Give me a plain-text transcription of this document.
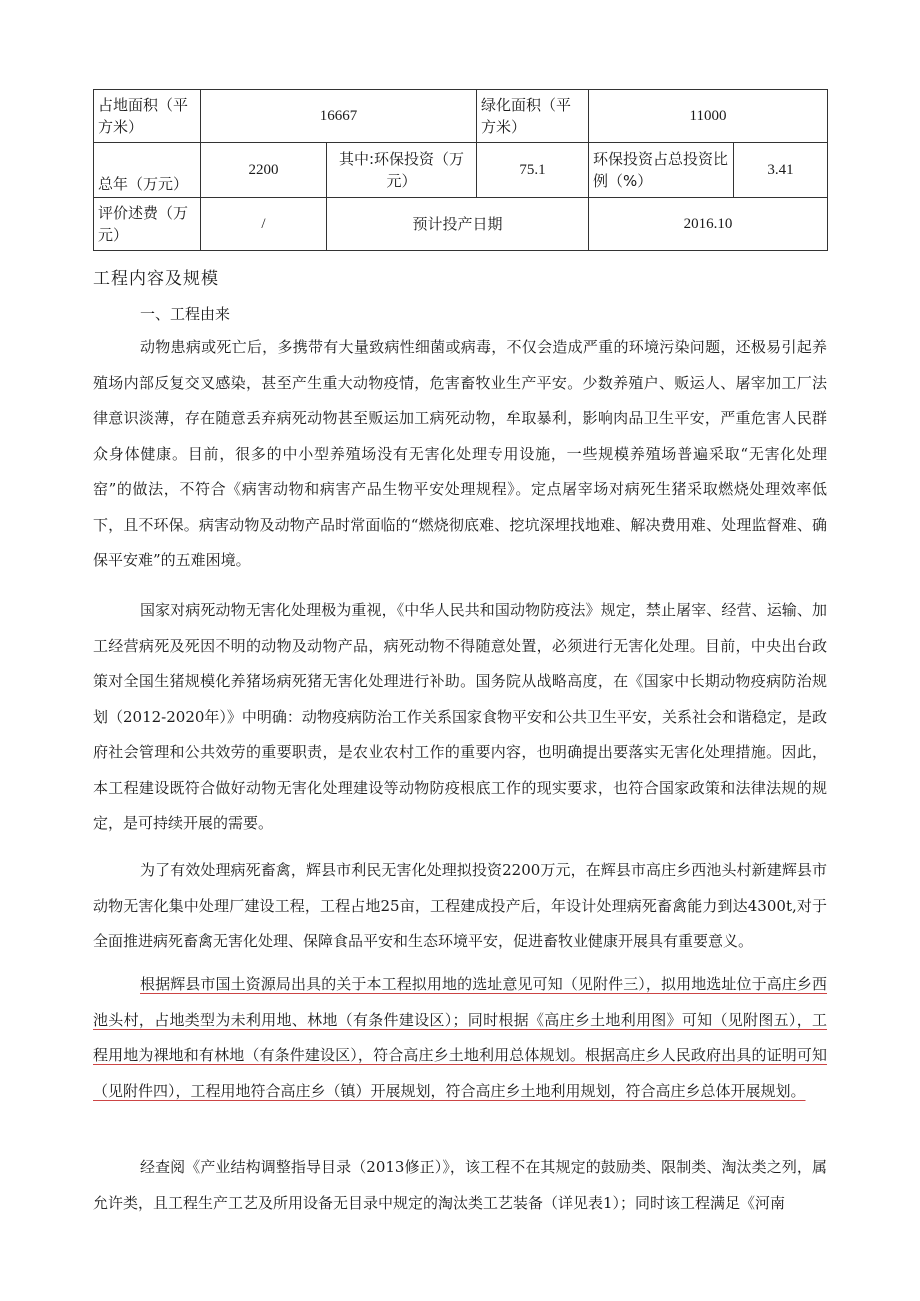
占地面积（平方米）	16667		绿化面积（平方米）	11000	
总年（万元）	2200	其中:环保投资（万元）	75.1	环保投资占总投资比例（%）	3.41
评价述费（万元）	/	预计投产日期		2016.10	
工程内容及规模
一、工程由来

动物患病或死亡后，多携带有大量致病性细菌或病毒，不仅会造成严重的环境污染问题，还极易引起养殖场内部反复交叉感染，甚至产生重大动物疫情，危害畜牧业生产平安。少数养殖户、贩运人、屠宰加工厂法律意识淡薄，存在随意丢弃病死动物甚至贩运加工病死动物，牟取暴利，影响肉品卫生平安，严重危害人民群众身体健康。目前，很多的中小型养殖场没有无害化处理专用设施，一些规模养殖场普遍采取“无害化处理窑”的做法，不符合《病害动物和病害产品生物平安处理规程》。定点屠宰场对病死生猪采取燃烧处理效率低下，且不环保。病害动物及动物产品时常面临的“燃烧彻底难、挖坑深埋找地难、解决费用难、处理监督难、确保平安难”的五难困境。

国家对病死动物无害化处理极为重视，《中华人民共和国动物防疫法》规定，禁止屠宰、经营、运输、加工经营病死及死因不明的动物及动物产品，病死动物不得随意处置，必须进行无害化处理。目前，中央出台政策对全国生猪规模化养猪场病死猪无害化处理进行补助。国务院从战略高度，在《国家中长期动物疫病防治规划（2012-2020年）》中明确：动物疫病防治工作关系国家食物平安和公共卫生平安，关系社会和谐稳定，是政府社会管理和公共效劳的重要职责，是农业农村工作的重要内容，也明确提出要落实无害化处理措施。因此，本工程建设既符合做好动物无害化处理建设等动物防疫根底工作的现实要求，也符合国家政策和法律法规的规定，是可持续开展的需要。

为了有效处理病死畜禽，辉县市利民无害化处理拟投资2200万元，在辉县市高庄乡西池头村新建辉县市动物无害化集中处理厂建设工程，工程占地25亩，工程建成投产后，年设计处理病死畜禽能力到达4300t,对于全面推进病死畜禽无害化处理、保障食品平安和生态环境平安，促进畜牧业健康开展具有重要意义。

根据辉县市国土资源局出具的关于本工程拟用地的选址意见可知（见附件三），拟用地选址位于高庄乡西池头村，占地类型为未利用地、林地（有条件建设区）；同时根据《高庄乡土地利用图》可知（见附图五），工程用地为裸地和有林地（有条件建设区），符合高庄乡土地利用总体规划。根据高庄乡人民政府出具的证明可知（见附件四），工程用地符合高庄乡（镇）开展规划，符合高庄乡土地利用规划，符合高庄乡总体开展规划。

经查阅《产业结构调整指导目录（2013修正）》，该工程不在其规定的鼓励类、限制类、淘汰类之列，属允许类，且工程生产工艺及所用设备无目录中规定的淘汰类工艺装备（详见表1）；同时该工程满足《河南
